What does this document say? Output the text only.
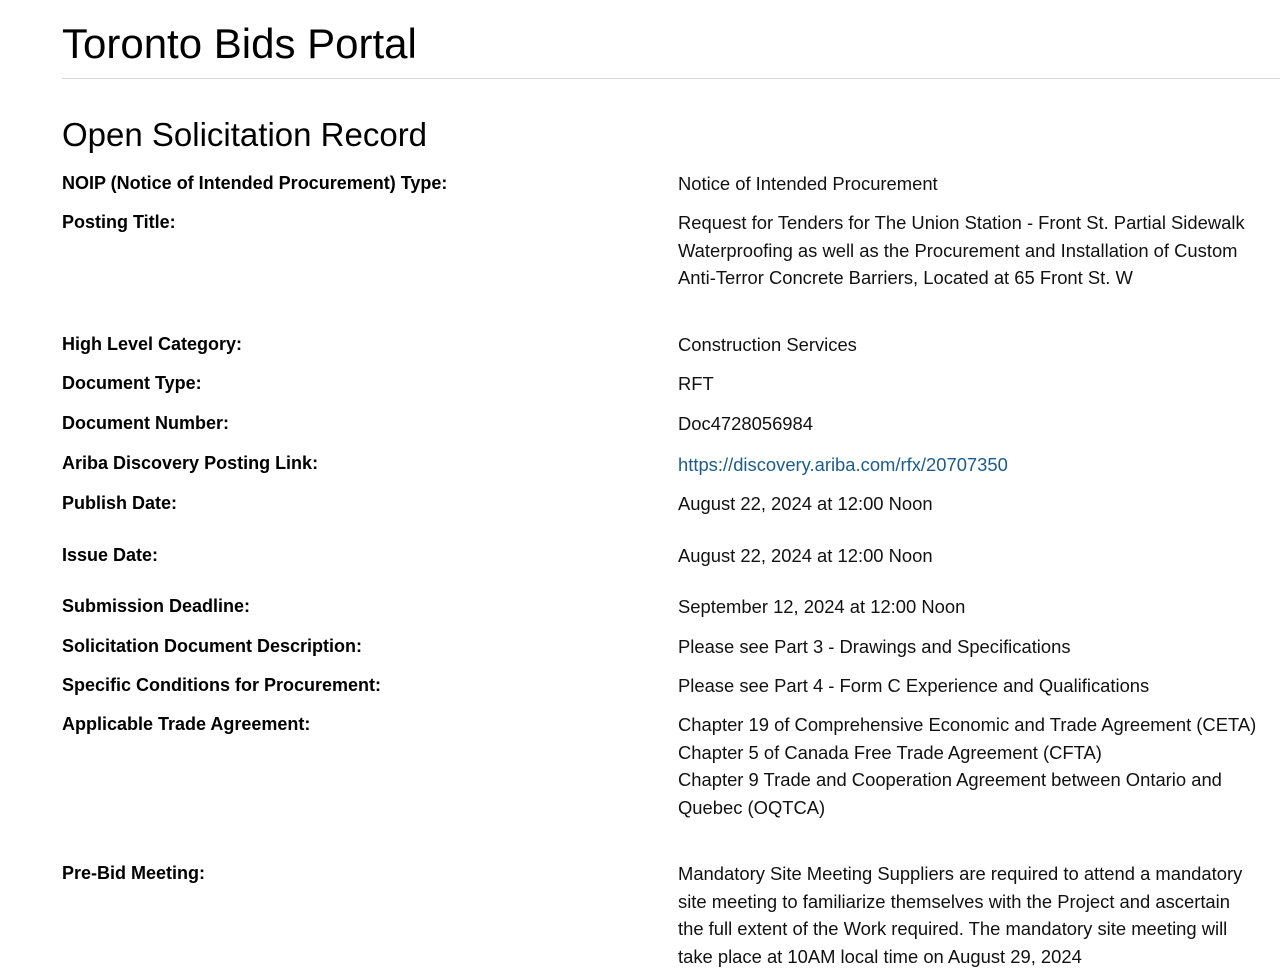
Toronto Bids Portal
Open Solicitation Record
NOIP (Notice of Intended Procurement) Type:	Notice of Intended Procurement
Posting Title:	Request for Tenders for The Union Station - Front St. Partial Sidewalk Waterproofing as well as the Procurement and Installation of Custom Anti-Terror Concrete Barriers, Located at 65 Front St. W
High Level Category:	Construction Services
Document Type:	RFT
Document Number:	Doc4728056984
Ariba Discovery Posting Link:	https://discovery.ariba.com/rfx/20707350
Publish Date:	August 22, 2024 at 12:00 Noon
Issue Date:	August 22, 2024 at 12:00 Noon
Submission Deadline:	September 12, 2024 at 12:00 Noon
Solicitation Document Description:	Please see Part 3 - Drawings and Specifications
Specific Conditions for Procurement:	Please see Part 4 - Form C Experience and Qualifications
Applicable Trade Agreement:	Chapter 19 of Comprehensive Economic and Trade Agreement (CETA)
Chapter 5 of Canada Free Trade Agreement (CFTA)
Chapter 9 Trade and Cooperation Agreement between Ontario and Quebec (OQTCA)
Pre-Bid Meeting:	Mandatory Site Meeting Suppliers are required to attend a mandatory site meeting to familiarize themselves with the Project and ascertain the full extent of the Work required. The mandatory site meeting will take place at 10AM local time on August 29, 2024
